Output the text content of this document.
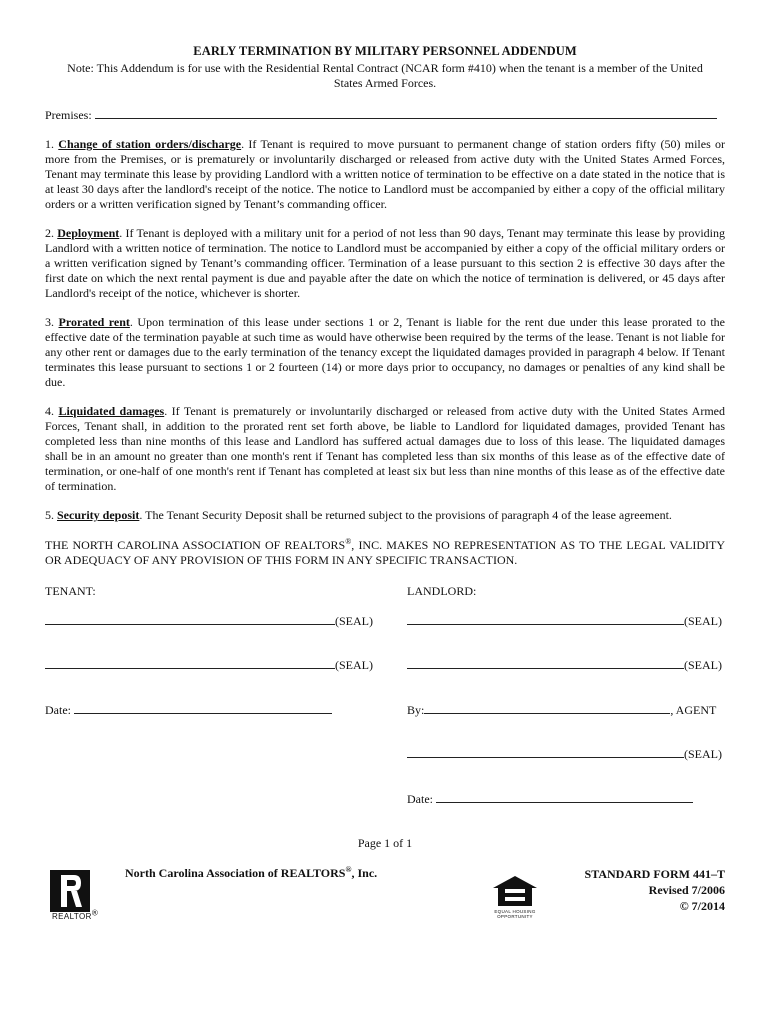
EARLY TERMINATION BY MILITARY PERSONNEL ADDENDUM
Note: This Addendum is for use with the Residential Rental Contract (NCAR form #410) when the tenant is a member of the United States Armed Forces.
Premises:
1. Change of station orders/discharge. If Tenant is required to move pursuant to permanent change of station orders fifty (50) miles or more from the Premises, or is prematurely or involuntarily discharged or released from active duty with the United States Armed Forces, Tenant may terminate this lease by providing Landlord with a written notice of termination to be effective on a date stated in the notice that is at least 30 days after the landlord's receipt of the notice. The notice to Landlord must be accompanied by either a copy of the official military orders or a written verification signed by Tenant’s commanding officer.
2. Deployment. If Tenant is deployed with a military unit for a period of not less than 90 days, Tenant may terminate this lease by providing Landlord with a written notice of termination. The notice to Landlord must be accompanied by either a copy of the official military orders or a written verification signed by Tenant’s commanding officer. Termination of a lease pursuant to this section 2 is effective 30 days after the first date on which the next rental payment is due and payable after the date on which the notice of termination is delivered, or 45 days after Landlord's receipt of the notice, whichever is shorter.
3. Prorated rent. Upon termination of this lease under sections 1 or 2, Tenant is liable for the rent due under this lease prorated to the effective date of the termination payable at such time as would have otherwise been required by the terms of the lease. Tenant is not liable for any other rent or damages due to the early termination of the tenancy except the liquidated damages provided in paragraph 4 below. If Tenant terminates this lease pursuant to sections 1 or 2 fourteen (14) or more days prior to occupancy, no damages or penalties of any kind shall be due.
4. Liquidated damages. If Tenant is prematurely or involuntarily discharged or released from active duty with the United States Armed Forces, Tenant shall, in addition to the prorated rent set forth above, be liable to Landlord for liquidated damages, provided Tenant has completed less than nine months of this lease and Landlord has suffered actual damages due to loss of this lease. The liquidated damages shall be in an amount no greater than one month's rent if Tenant has completed less than six months of this lease as of the effective date of termination, or one-half of one month's rent if Tenant has completed at least six but less than nine months of this lease as of the effective date of termination.
5. Security deposit. The Tenant Security Deposit shall be returned subject to the provisions of paragraph 4 of the lease agreement.
THE NORTH CAROLINA ASSOCIATION OF REALTORS®, INC. MAKES NO REPRESENTATION AS TO THE LEGAL VALIDITY OR ADEQUACY OF ANY PROVISION OF THIS FORM IN ANY SPECIFIC TRANSACTION.
TENANT:	LANDLORD:
(SEAL)	(SEAL)
(SEAL)	(SEAL)
Date:	By:	, AGENT
(SEAL)
Date:
Page 1 of 1
REALTOR®
North Carolina Association of REALTORS®, Inc.
EQUAL HOUSING
OPPORTUNITY
STANDARD FORM 441–T
Revised 7/2006
© 7/2014
